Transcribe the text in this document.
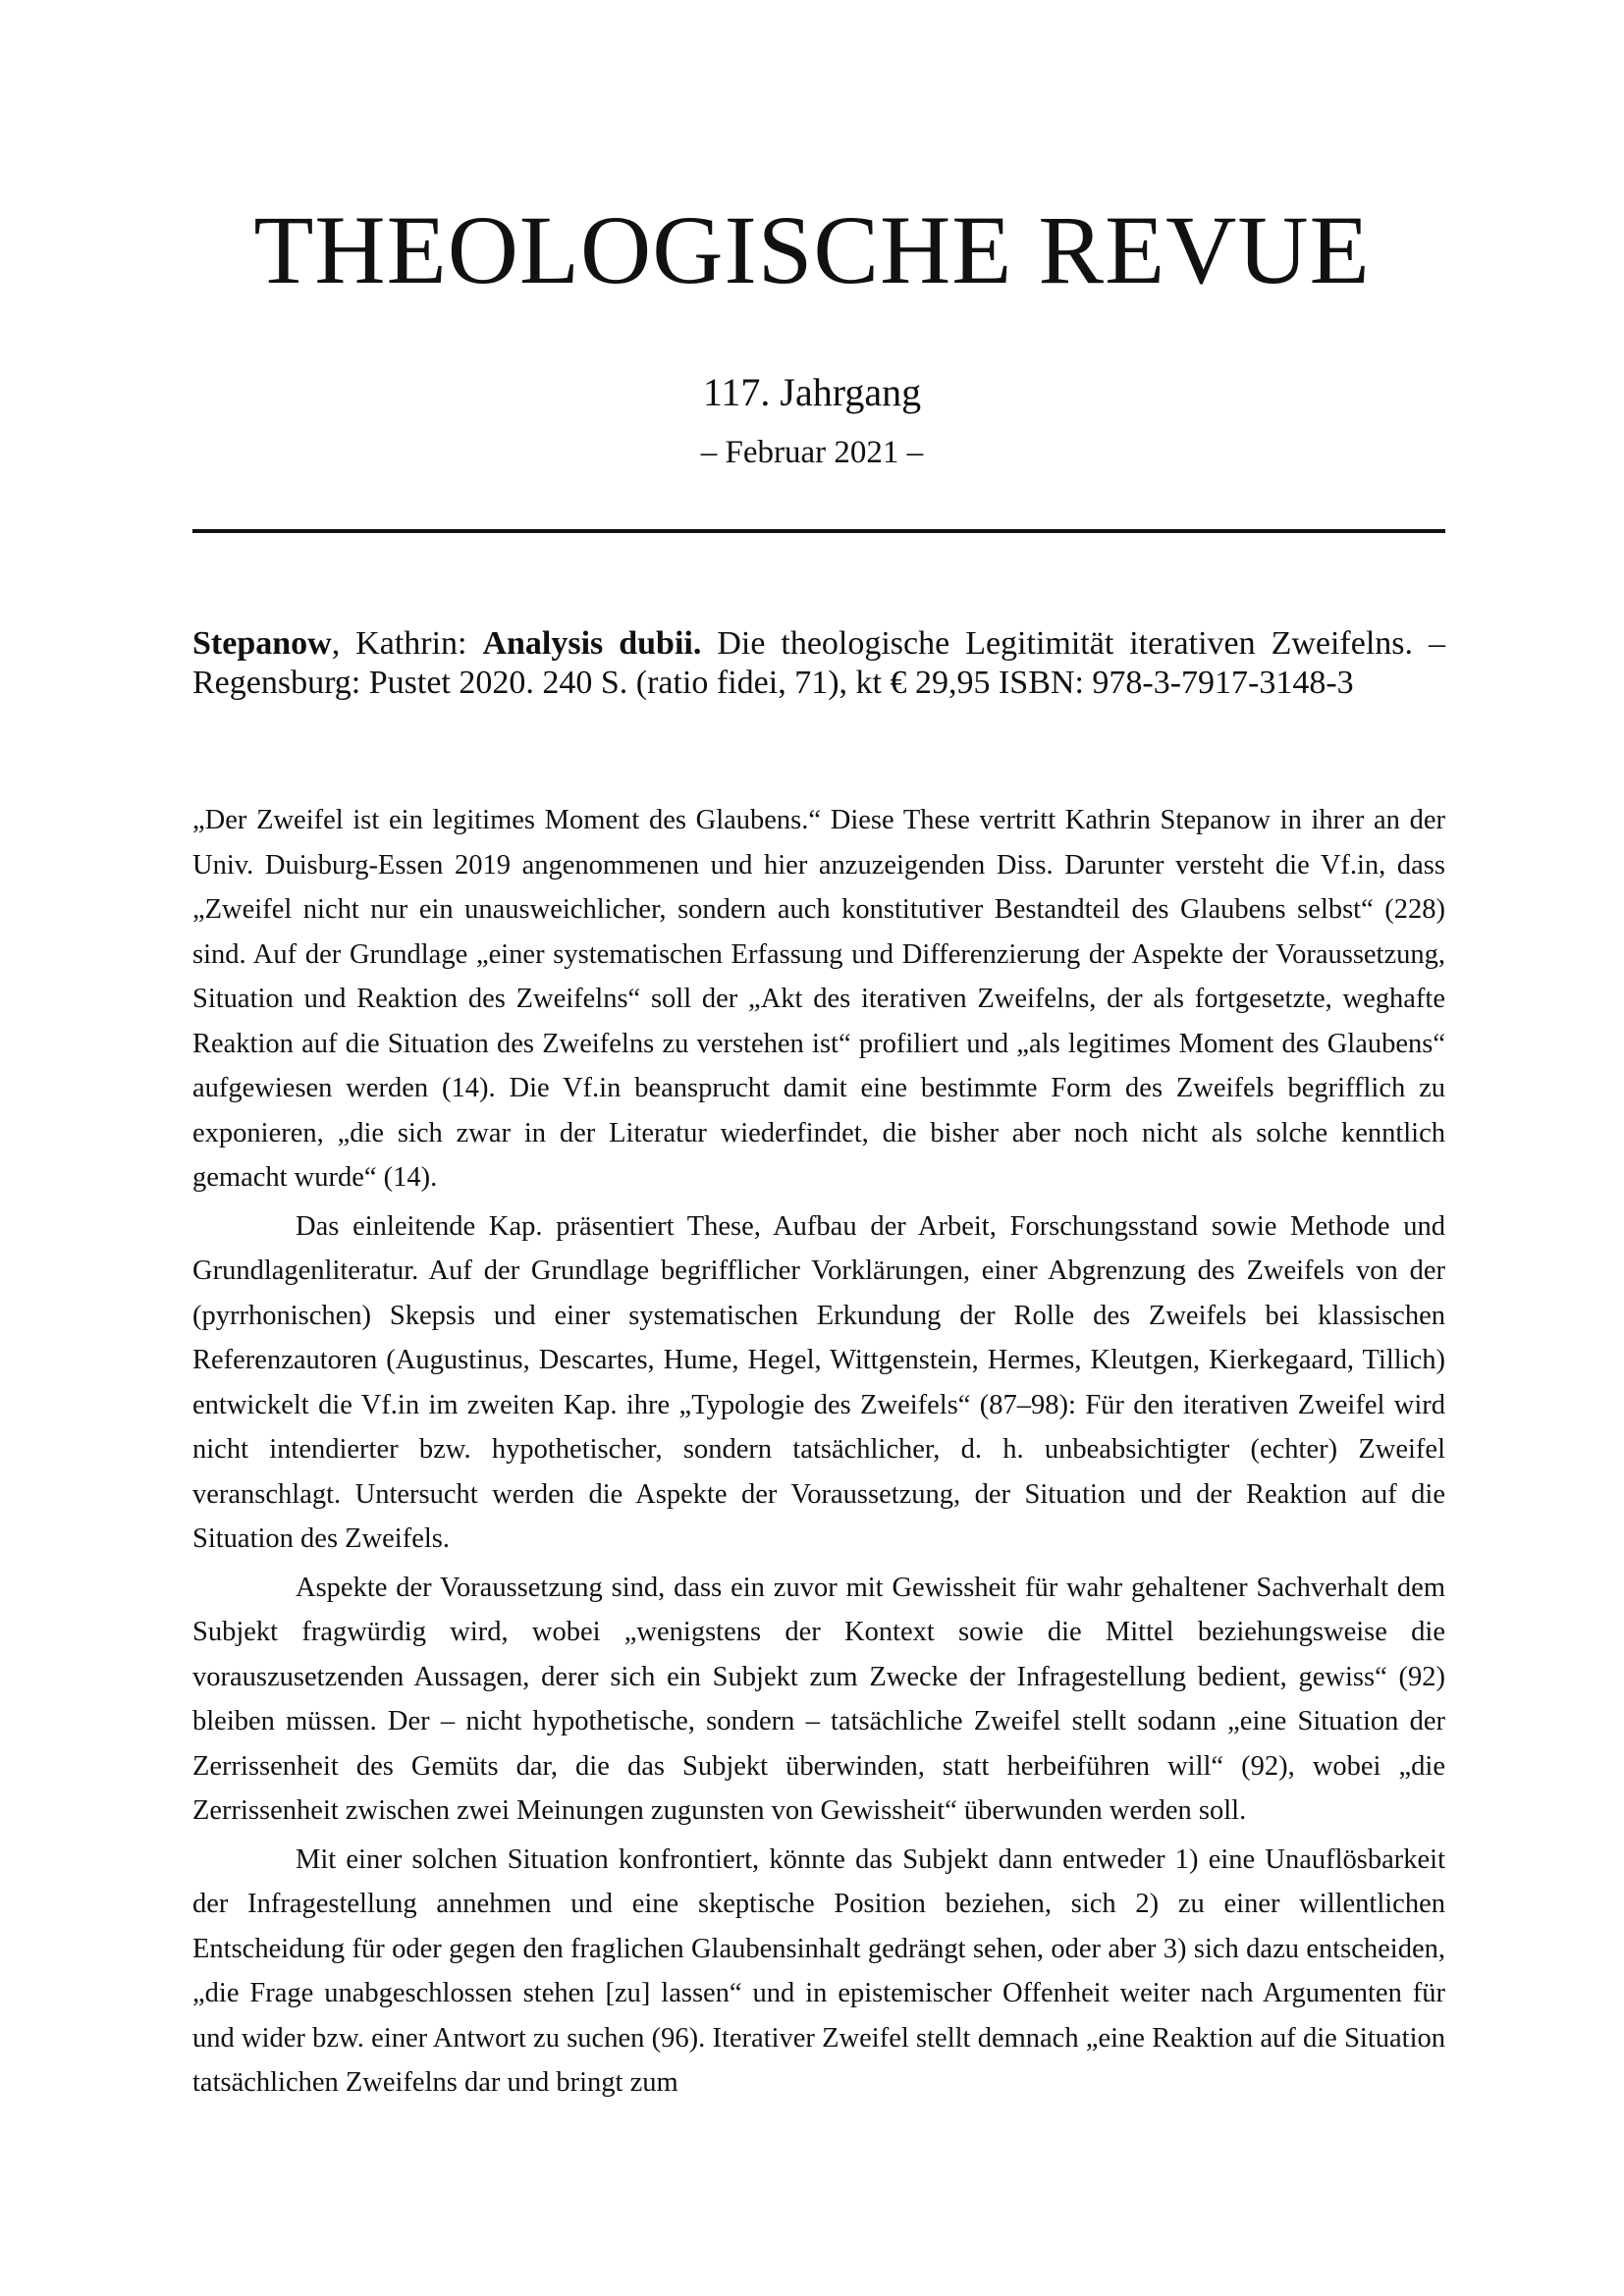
THEOLOGISCHE REVUE
117. Jahrgang
– Februar 2021 –
Stepanow, Kathrin: Analysis dubii. Die theologische Legitimität iterativen Zweifelns. – Regensburg: Pustet 2020. 240 S. (ratio fidei, 71), kt € 29,95 ISBN: 978-3-7917-3148-3

„Der Zweifel ist ein legitimes Moment des Glaubens.“ Diese These vertritt Kathrin Stepanow in ihrer an der Univ. Duisburg-Essen 2019 angenommenen und hier anzuzeigenden Diss. Darunter versteht die Vf.in, dass „Zweifel nicht nur ein unausweichlicher, sondern auch konstitutiver Bestandteil des Glaubens selbst“ (228) sind. Auf der Grundlage „einer systematischen Erfassung und Differenzierung der Aspekte der Voraussetzung, Situation und Reaktion des Zweifelns“ soll der „Akt des iterativen Zweifelns, der als fortgesetzte, weghafte Reaktion auf die Situation des Zweifelns zu verstehen ist“ profiliert und „als legitimes Moment des Glaubens“ aufgewiesen werden (14). Die Vf.in beansprucht damit eine bestimmte Form des Zweifels begrifflich zu exponieren, „die sich zwar in der Literatur wiederfindet, die bisher aber noch nicht als solche kenntlich gemacht wurde“ (14).

Das einleitende Kap. präsentiert These, Aufbau der Arbeit, Forschungsstand sowie Methode und Grundlagenliteratur. Auf der Grundlage begrifflicher Vorklärungen, einer Abgrenzung des Zweifels von der (pyrrhonischen) Skepsis und einer systematischen Erkundung der Rolle des Zweifels bei klassischen Referenzautoren (Augustinus, Descartes, Hume, Hegel, Wittgenstein, Hermes, Kleutgen, Kierkegaard, Tillich) entwickelt die Vf.in im zweiten Kap. ihre „Typologie des Zweifels“ (87–98): Für den iterativen Zweifel wird nicht intendierter bzw. hypothetischer, sondern tatsächlicher, d. h. unbeabsichtigter (echter) Zweifel veranschlagt. Untersucht werden die Aspekte der Voraussetzung, der Situation und der Reaktion auf die Situation des Zweifels.

Aspekte der Voraussetzung sind, dass ein zuvor mit Gewissheit für wahr gehaltener Sachverhalt dem Subjekt fragwürdig wird, wobei „wenigstens der Kontext sowie die Mittel beziehungsweise die vorauszusetzenden Aussagen, derer sich ein Subjekt zum Zwecke der Infragestellung bedient, gewiss“ (92) bleiben müssen. Der – nicht hypothetische, sondern – tatsächliche Zweifel stellt sodann „eine Situation der Zerrissenheit des Gemüts dar, die das Subjekt überwinden, statt herbeiführen will“ (92), wobei „die Zerrissenheit zwischen zwei Meinungen zugunsten von Gewissheit“ überwunden werden soll.

Mit einer solchen Situation konfrontiert, könnte das Subjekt dann entweder 1) eine Unauflösbarkeit der Infragestellung annehmen und eine skeptische Position beziehen, sich 2) zu einer willentlichen Entscheidung für oder gegen den fraglichen Glaubensinhalt gedrängt sehen, oder aber 3) sich dazu entscheiden, „die Frage unabgeschlossen stehen [zu] lassen“ und in epistemischer Offenheit weiter nach Argumenten für und wider bzw. einer Antwort zu suchen (96). Iterativer Zweifel stellt demnach „eine Reaktion auf die Situation tatsächlichen Zweifelns dar und bringt zum
